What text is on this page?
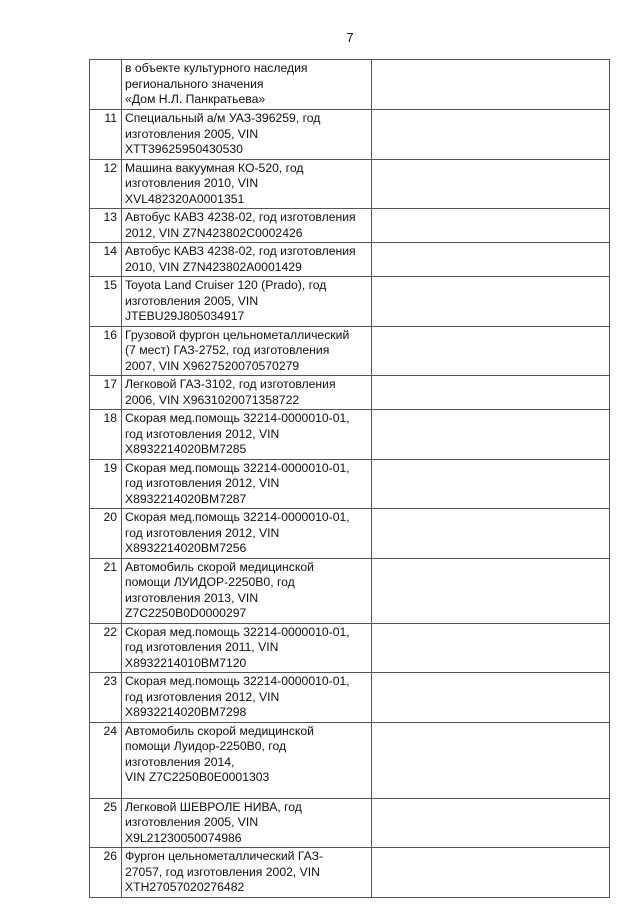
7

	в объекте культурного наследия
регионального значения
«Дом Н.Л. Панкратьева»	

11	Специальный а/м УАЗ-396259, год
изготовления 2005, VIN
XTT39625950430530	

12	Машина вакуумная КО-520, год
изготовления 2010, VIN
XVL482320A0001351	

13	Автобус КАВЗ 4238-02, год изготовления
2012, VIN Z7N423802C0002426	

14	Автобус КАВЗ 4238-02, год изготовления
2010, VIN Z7N423802A0001429	

15	Toyota Land Cruiser 120 (Prado), год
изготовления 2005, VIN
JTEBU29J805034917	

16	Грузовой фургон цельнометаллический
(7 мест) ГАЗ-2752, год изготовления
2007, VIN X9627520070570279	

17	Легковой ГАЗ-3102, год изготовления
2006, VIN X9631020071358722	

18	Скорая мед.помощь 32214-0000010-01,
год изготовления 2012, VIN
X8932214020BM7285	

19	Скорая мед.помощь 32214-0000010-01,
год изготовления 2012, VIN
X8932214020BM7287	

20	Скорая мед.помощь 32214-0000010-01,
год изготовления 2012, VIN
X8932214020BM7256	

21	Автомобиль скорой медицинской
помощи ЛУИДОР-2250B0, год
изготовления 2013, VIN
Z7C2250B0D0000297	

22	Скорая мед.помощь 32214-0000010-01,
год изготовления 2011, VIN
X8932214010BM7120	

23	Скорая мед.помощь 32214-0000010-01,
год изготовления 2012, VIN
X8932214020BM7298	

24	Автомобиль скорой медицинской
помощи Луидор-2250B0, год
изготовления 2014,
VIN Z7C2250B0E0001303	

25	Легковой ШЕВРОЛЕ НИВА, год
изготовления 2005, VIN
X9L21230050074986	

26	Фургон цельнометаллический ГАЗ-
27057, год изготовления 2002, VIN
XTH27057020276482	
